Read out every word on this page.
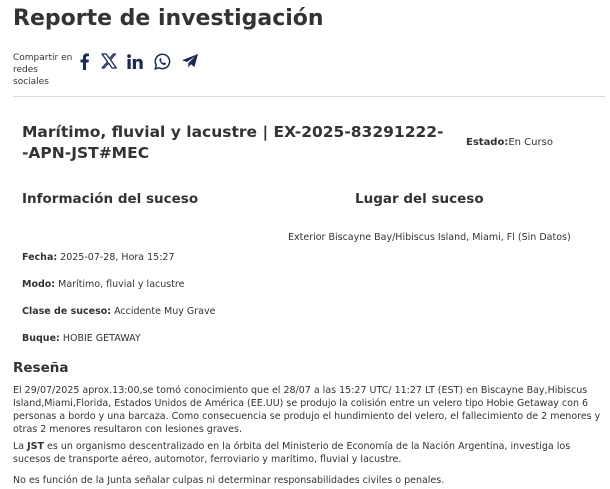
Reporte de investigación
Compartir en
redes sociales
Marítimo, fluvial y lacustre | EX-2025-83291222- -APN-JST#MEC
Estado:En Curso
Información del suceso	Lugar del suceso
Exterior Biscayne Bay/Hibiscus Island, Miami, Fl (Sin Datos)
Fecha: 2025-07-28, Hora 15:27
Modo: Marítimo, fluvial y lacustre
Clase de suceso: Accidente Muy Grave
Buque: HOBIE GETAWAY
Reseña
El 29/07/2025 aprox.13:00,se tomó conocimiento que el 28/07 a las 15:27 UTC/ 11:27 LT (EST) en Biscayne Bay,Hibiscus Island,Miami,Florida, Estados Unidos de América (EE.UU) se produjo la colisión entre un velero tipo Hobie Getaway con 6 personas a bordo y una barcaza. Como consecuencia se produjo el hundimiento del velero, el fallecimiento de 2 menores y otras 2 menores resultaron con lesiones graves.
La JST es un organismo descentralizado en la órbita del Ministerio de Economía de la Nación Argentina, investiga los sucesos de transporte aéreo, automotor, ferroviario y marítimo, fluvial y lacustre.
No es función de la Junta señalar culpas ni determinar responsabilidades civiles o penales.
